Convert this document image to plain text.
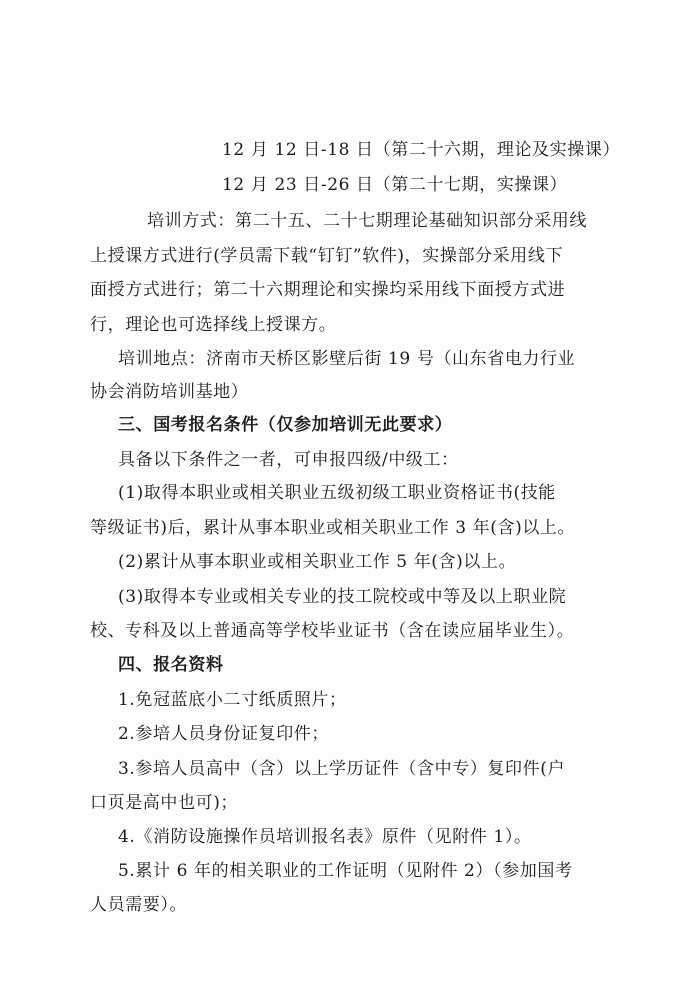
12 月 12 日-18 日（第二十六期，理论及实操课）
12 月 23 日-26 日（第二十七期，实操课）
培训方式：第二十五、二十七期理论基础知识部分采用线
上授课方式进行(学员需下载“钉钉”软件)，实操部分采用线下
面授方式进行；第二十六期理论和实操均采用线下面授方式进
行，理论也可选择线上授课方。
培训地点：济南市天桥区影壁后街 19 号（山东省电力行业
协会消防培训基地）
三、国考报名条件（仅参加培训无此要求）
具备以下条件之一者，可申报四级/中级工：
(1)取得本职业或相关职业五级初级工职业资格证书(技能
等级证书)后，累计从事本职业或相关职业工作 3 年(含)以上。
(2)累计从事本职业或相关职业工作 5 年(含)以上。
(3)取得本专业或相关专业的技工院校或中等及以上职业院
校、专科及以上普通高等学校毕业证书（含在读应届毕业生）。
四、报名资料
1.免冠蓝底小二寸纸质照片；
2.参培人员身份证复印件；
3.参培人员高中（含）以上学历证件（含中专）复印件(户
口页是高中也可)；
4.《消防设施操作员培训报名表》原件（见附件 1）。
5.累计 6 年的相关职业的工作证明（见附件 2）（参加国考
人员需要）。
